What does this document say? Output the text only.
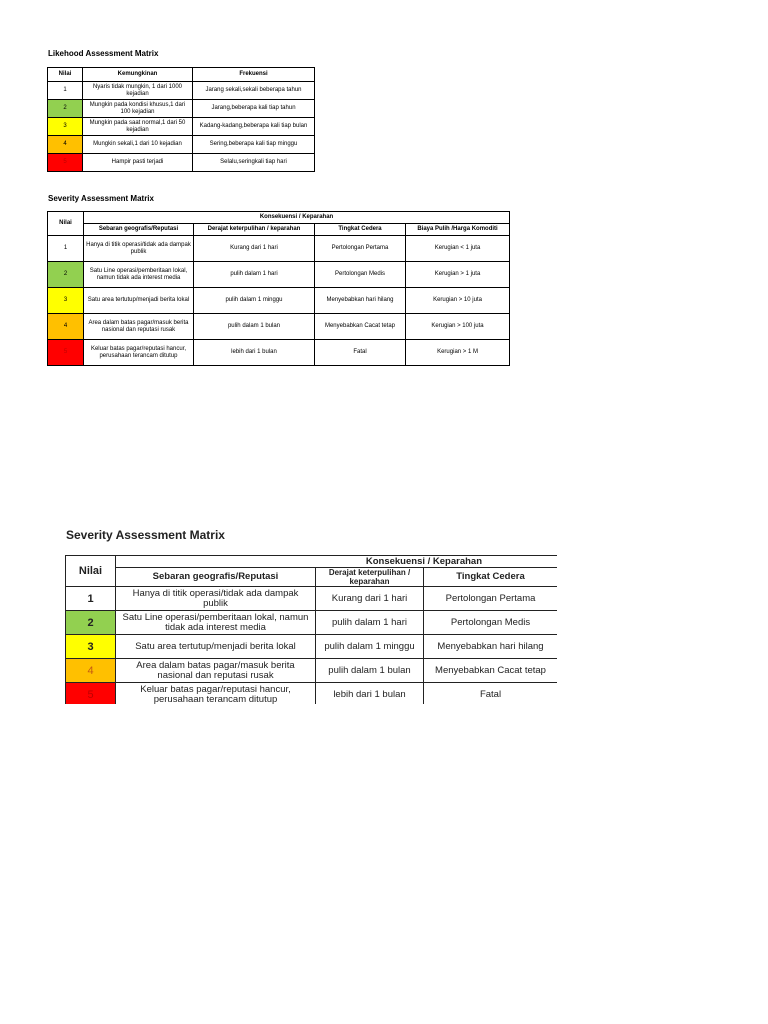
Likehood Assessment Matrix
Nilai	Kemungkinan	Frekuensi
1	Nyaris tidak mungkin, 1 dari 1000 kejadian	Jarang sekali,sekali beberapa tahun
2	Mungkin pada kondisi khusus,1 dari 100 kejadian	Jarang,beberapa kali tiap tahun
3	Mungkin pada saat normal,1 dari 50 kejadian	Kadang-kadang,beberapa kali tiap bulan
4	Mungkin sekali,1 dari 10 kejadian	Sering,beberapa kali tiap minggu
5	Hampir pasti terjadi	Selalu,seringkali tiap hari
Severity Assessment Matrix
Nilai	Konsekuensi / Keparahan			
	Sebaran geografis/Reputasi	Derajat keterpulihan / keparahan	Tingkat Cedera	Biaya Pulih /Harga Komoditi
1	Hanya di titik operasi/tidak ada dampak publik	Kurang dari 1 hari	Pertolongan Pertama	Kerugian < 1 juta
2	Satu Line operasi/pemberitaan lokal, namun tidak ada interest media	pulih dalam 1 hari	Pertolongan Medis	Kerugian > 1 juta
3	Satu area tertutup/menjadi berita lokal	pulih dalam 1 minggu	Menyebabkan hari hilang	Kerugian > 10 juta
4	Area dalam batas pagar/masuk berita nasional dan reputasi rusak	pulih dalam 1 bulan	Menyebabkan Cacat tetap	Kerugian > 100 juta
5	Keluar batas pagar/reputasi hancur, perusahaan terancam ditutup	lebih dari 1 bulan	Fatal	Kerugian > 1 M
Severity Assessment Matrix
Nilai	Konsekuensi / Keparahan		
	Sebaran geografis/Reputasi	Derajat keterpulihan / keparahan	Tingkat Cedera
1	Hanya di titik operasi/tidak ada dampak publik	Kurang dari 1 hari	Pertolongan Pertama
2	Satu Line operasi/pemberitaan lokal, namun tidak ada interest media	pulih dalam 1 hari	Pertolongan Medis
3	Satu area tertutup/menjadi berita lokal	pulih dalam 1 minggu	Menyebabkan hari hilang
4	Area dalam batas pagar/masuk berita nasional dan reputasi rusak	pulih dalam 1 bulan	Menyebabkan Cacat tetap
5	Keluar batas pagar/reputasi hancur, perusahaan terancam ditutup	lebih dari 1 bulan	Fatal
